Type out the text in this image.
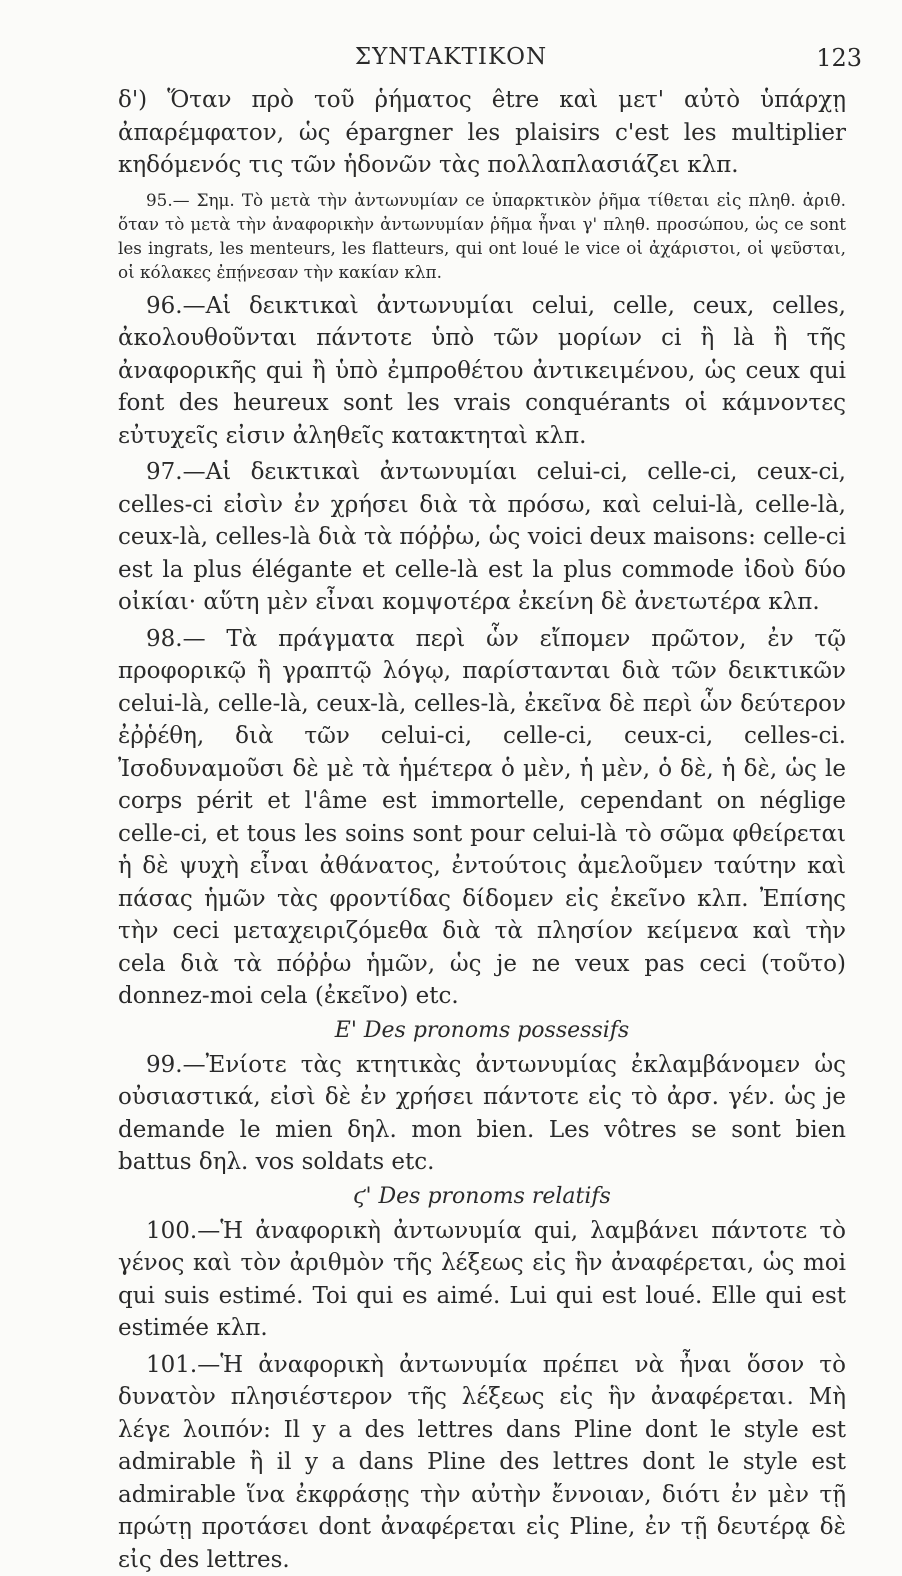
ΣΥΝΤΑΚΤΙΚΟΝ	123

δ') Ὅταν πρὸ τοῦ ῥήματος être καὶ μετ' αὐτὸ ὑπάρχῃ ἀπαρέμφατον, ὡς épargner les plaisirs c'est les multiplier κηδόμενός τις τῶν ἡδονῶν τὰς πολλαπλασιάζει κλπ.

95.— Σημ. Τὸ μετὰ τὴν ἀντωνυμίαν ce ὑπαρκτικὸν ῥῆμα τίθεται εἰς πληθ. ἀριθ. ὅταν τὸ μετὰ τὴν ἀναφορικὴν ἀντωνυμίαν ῥῆμα ἦναι γ' πληθ. προσώπου, ὡς ce sont les ingrats, les menteurs, les flatteurs, qui ont loué le vice οἱ ἀχάριστοι, οἱ ψεῦσται, οἱ κόλακες ἐπῄνεσαν τὴν κακίαν κλπ.

96.—Αἱ δεικτικαὶ ἀντωνυμίαι celui, celle, ceux, celles, ἀκολουθοῦνται πάντοτε ὑπὸ τῶν μορίων ci ἢ là ἢ τῆς ἀναφορικῆς qui ἢ ὑπὸ ἐμπροθέτου ἀντικειμένου, ὡς ceux qui font des heureux sont les vrais conquérants οἱ κάμνοντες εὐτυχεῖς εἰσιν ἀληθεῖς κατακτηταὶ κλπ.

97.—Αἱ δεικτικαὶ ἀντωνυμίαι celui-ci, celle-ci, ceux-ci, celles-ci εἰσὶν ἐν χρήσει διὰ τὰ πρόσω, καὶ celui-là, celle-là, ceux-là, celles-là διὰ τὰ πόῤῥω, ὡς voici deux maisons: celle-ci est la plus élégante et celle-là est la plus commode ἰδοὺ δύο οἰκίαι· αὕτη μὲν εἶναι κομψοτέρα ἐκείνη δὲ ἀνετωτέρα κλπ.

98.— Τὰ πράγματα περὶ ὧν εἴπομεν πρῶτον, ἐν τῷ προφορικῷ ἢ γραπτῷ λόγῳ, παρίστανται διὰ τῶν δεικτικῶν celui-là, celle-là, ceux-là, celles-là, ἐκεῖνα δὲ περὶ ὧν δεύτερον ἐῤῥέθη, διὰ τῶν celui-ci, celle-ci, ceux-ci, celles-ci. Ἰσοδυναμοῦσι δὲ μὲ τὰ ἡμέτερα ὁ μὲν, ἡ μὲν, ὁ δὲ, ἡ δὲ, ὡς le corps périt et l'âme est immortelle, cependant on néglige celle-ci, et tous les soins sont pour celui-là τὸ σῶμα φθείρεται ἡ δὲ ψυχὴ εἶναι ἀθάνατος, ἐντούτοις ἀμελοῦμεν ταύτην καὶ πάσας ἡμῶν τὰς φροντίδας δίδομεν εἰς ἐκεῖνο κλπ. Ἐπίσης τὴν ceci μεταχειριζόμεθα διὰ τὰ πλησίον κείμενα καὶ τὴν cela διὰ τὰ πόῤῥω ἡμῶν, ὡς je ne veux pas ceci (τοῦτο) donnez-moi cela (ἐκεῖνο) etc.

Ε' Des pronoms possessifs

99.—Ἐνίοτε τὰς κτητικὰς ἀντωνυμίας ἐκλαμβάνομεν ὡς οὐσιαστικά, εἰσὶ δὲ ἐν χρήσει πάντοτε εἰς τὸ ἀρσ. γέν. ὡς je demande le mien δηλ. mon bien. Les vôtres se sont bien battus δηλ. vos soldats etc.

ϛ' Des pronoms relatifs

100.—Ἡ ἀναφορικὴ ἀντωνυμία qui, λαμβάνει πάντοτε τὸ γένος καὶ τὸν ἀριθμὸν τῆς λέξεως εἰς ἣν ἀναφέρεται, ὡς moi qui suis estimé. Toi qui es aimé. Lui qui est loué. Elle qui est estimée κλπ.

101.—Ἡ ἀναφορικὴ ἀντωνυμία πρέπει νὰ ἦναι ὅσον τὸ δυνατὸν πλησιέστερον τῆς λέξεως εἰς ἣν ἀναφέρεται. Μὴ λέγε λοιπόν: Il y a des lettres dans Pline dont le style est admirable ἢ il y a dans Pline des lettres dont le style est admirable ἵνα ἐκφράσῃς τὴν αὐτὴν ἔννοιαν, διότι ἐν μὲν τῇ πρώτῃ προτάσει dont ἀναφέρεται εἰς Pline, ἐν τῇ δευτέρᾳ δὲ εἰς des lettres.
